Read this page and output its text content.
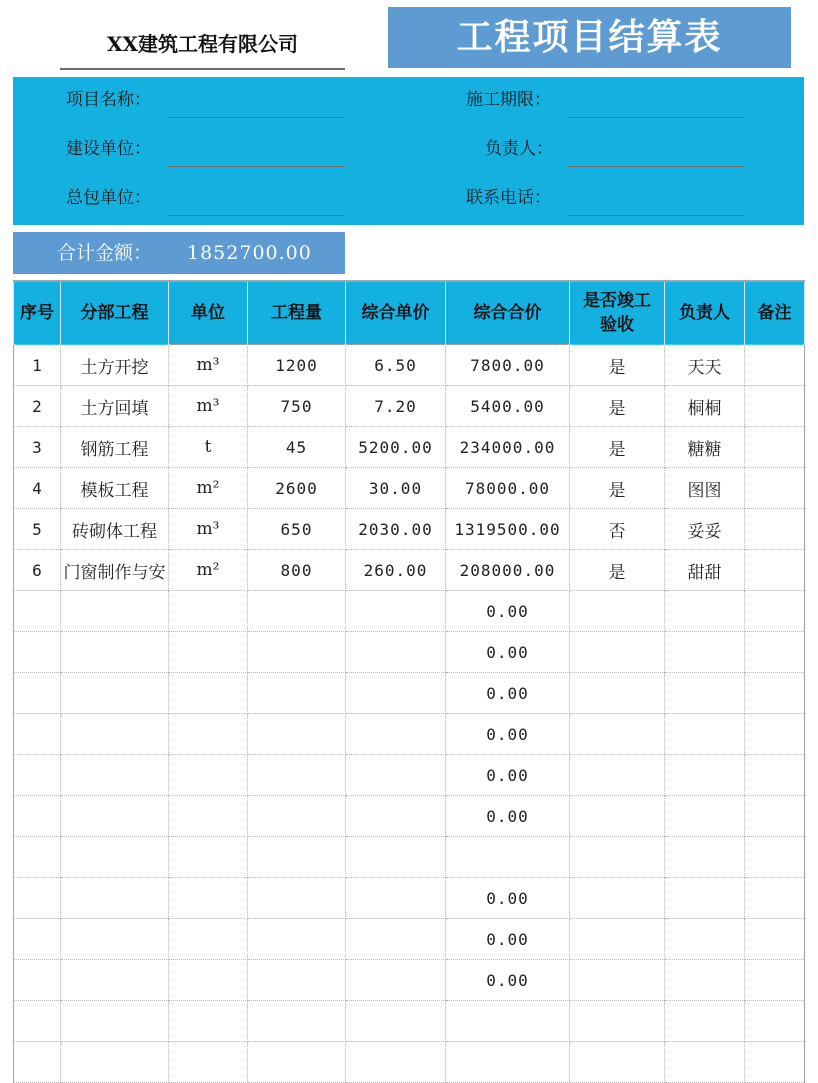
XX建筑工程有限公司	工程项目结算表
项目名称：
建设单位：
总包单位：
施工期限：
负责人：
联系电话：
合计金额： 1852700.00
序号	分部工程	单位	工程量	综合单价	综合合价	是否竣工验收	负责人	备注
1	土方开挖	m³	1200	6.50	7800.00	是	天天	
2	土方回填	m³	750	7.20	5400.00	是	桐桐	
3	钢筋工程	t	45	5200.00	234000.00	是	糖糖	
4	模板工程	m²	2600	30.00	78000.00	是	图图	
5	砖砌体工程	m³	650	2030.00	1319500.00	否	妥妥	
6	门窗制作与安	m²	800	260.00	208000.00	是	甜甜	
					0.00			
					0.00			
					0.00			
					0.00			
					0.00			
					0.00			

					0.00			
					0.00			
					0.00			
